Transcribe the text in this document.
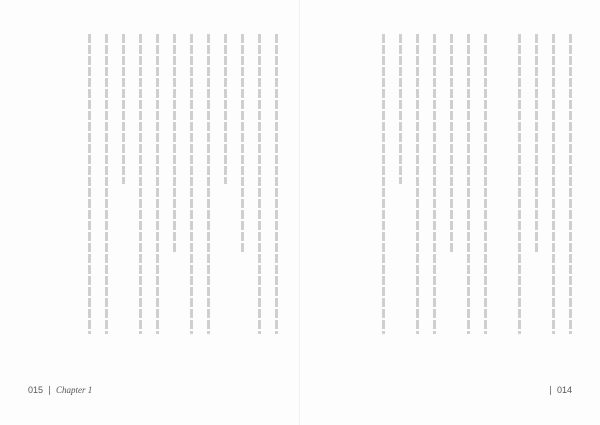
015 Chapter 1	014
